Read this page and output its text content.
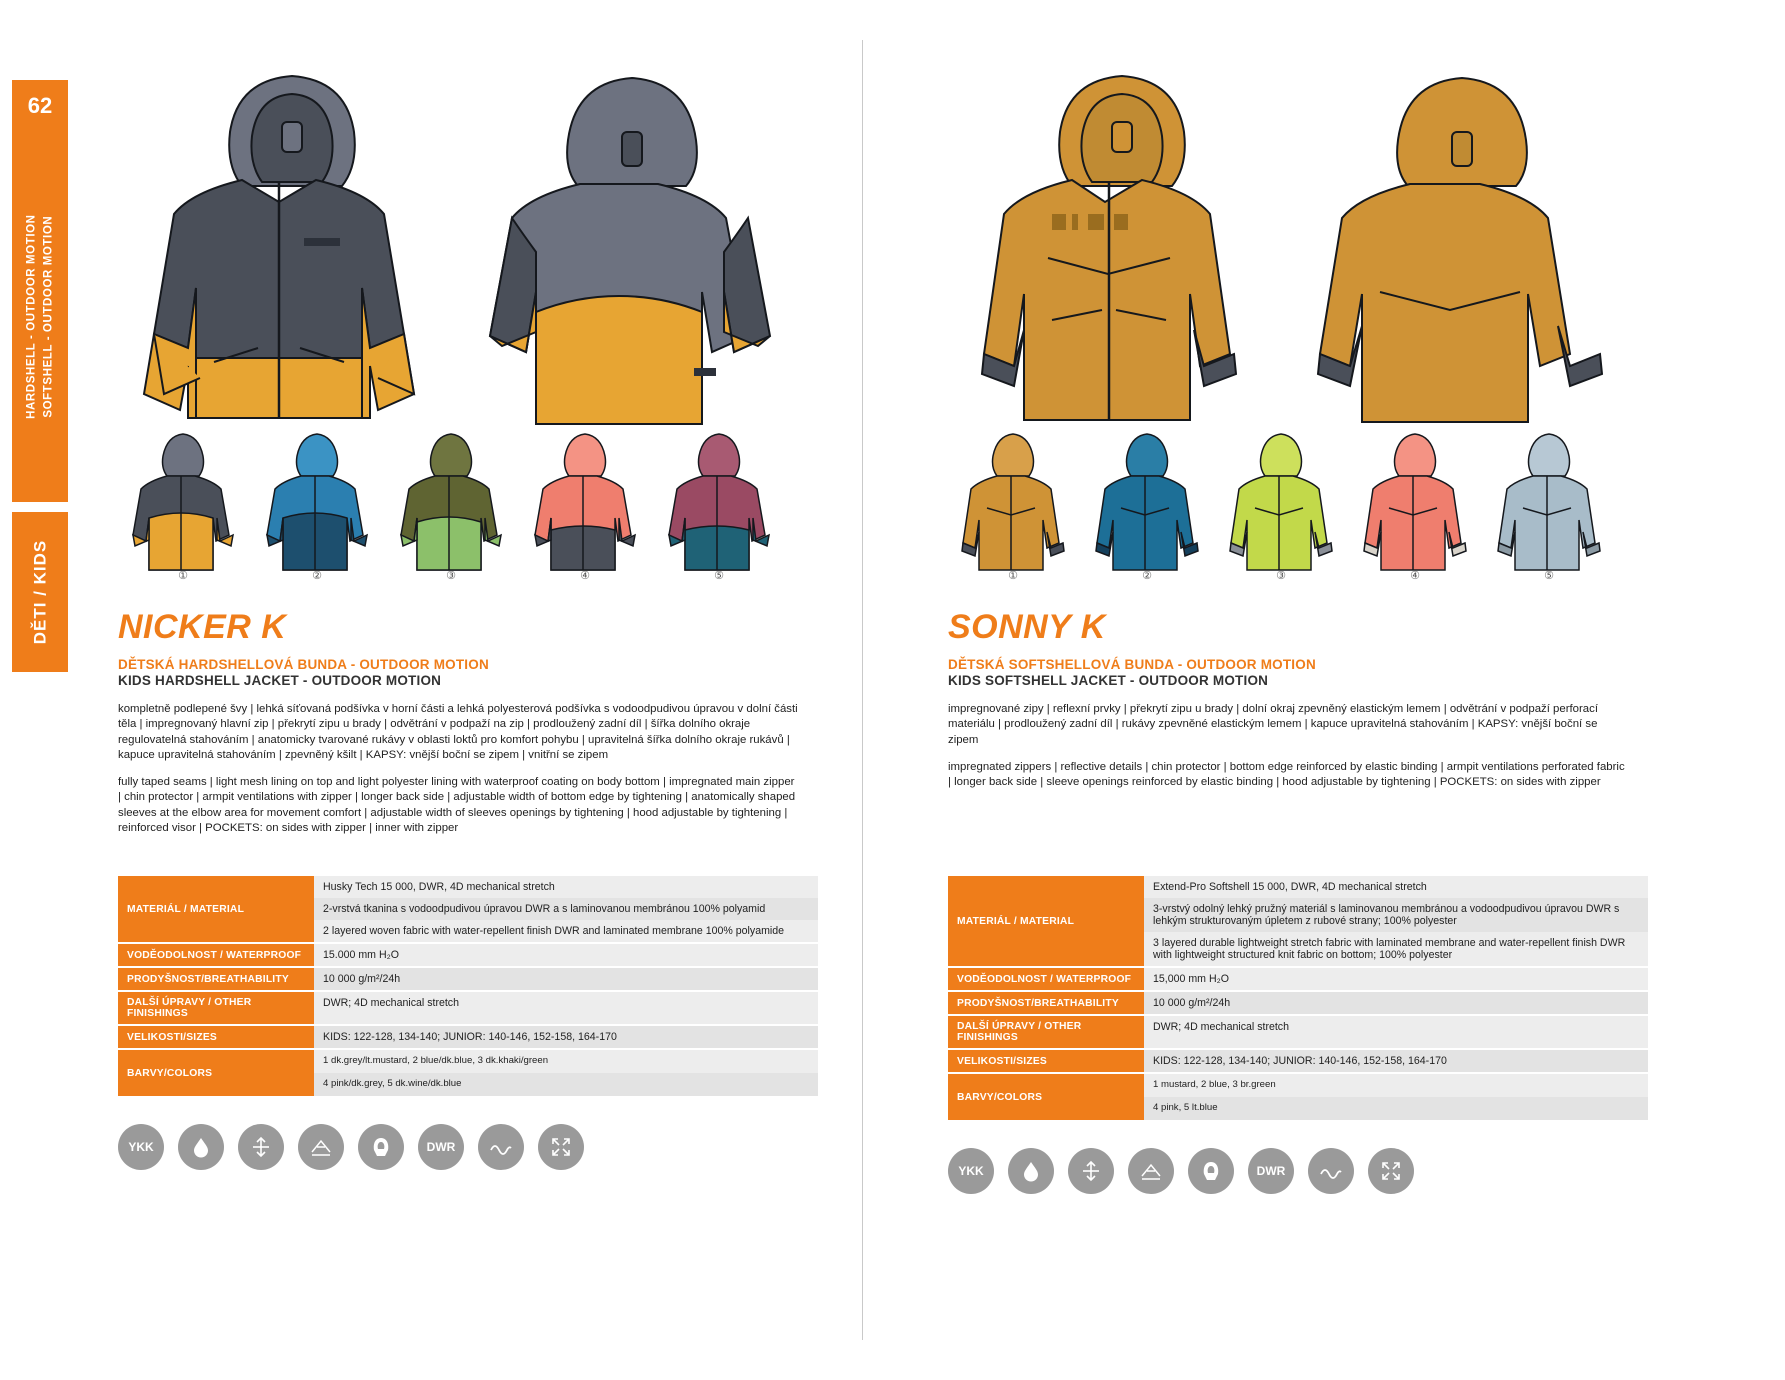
62
HARDSHELL - OUTDOOR MOTION SOFTSHELL - OUTDOOR MOTION
DĚTI / KIDS	①	②	③	④	⑤
NICKER K
DĚTSKÁ HARDSHELLOVÁ BUNDA - OUTDOOR MOTION
KIDS HARDSHELL JACKET - OUTDOOR MOTION
kompletně podlepené švy | lehká síťovaná podšívka v horní části a lehká polyesterová podšívka s vodoodpudivou úpravou v dolní části těla | impregnovaný hlavní zip | překrytí zipu u brady | odvětrání v podpaží na zip | prodloužený zadní díl | šířka dolního okraje regulovatelná stahováním | anatomicky tvarované rukávy v oblasti loktů pro komfort pohybu | upravitelná šířka dolního okraje rukávů | kapuce upravitelná stahováním | zpevněný kšilt | KAPSY: vnější boční se zipem | vnitřní se zipem
fully taped seams | light mesh lining on top and light polyester lining with waterproof coating on body bottom | impregnated main zipper | chin protector | armpit ventilations with zipper | longer back side | adjustable width of bottom edge by tightening | anatomically shaped sleeves at the elbow area for movement comfort | adjustable width of sleeves openings by tightening | hood adjustable by tightening | reinforced visor | POCKETS: on sides with zipper | inner with zipper
MATERIÁL / MATERIAL	Husky Tech 15 000, DWR, 4D mechanical stretch
	2-vrstvá tkanina s vodoodpudivou úpravou DWR a s laminovanou membránou 100% polyamid
	2 layered woven fabric with water-repellent finish DWR and laminated membrane 100% polyamide

VODĚODOLNOST / WATERPROOF	15.000 mm H₂O

PRODYŠNOST/BREATHABILITY	10 000 g/m²/24h

DALŠÍ ÚPRAVY / OTHER FINISHINGS	DWR; 4D mechanical stretch

VELIKOSTI/SIZES	KIDS: 122-128, 134-140; JUNIOR: 140-146, 152-158, 164-170

BARVY/COLORS	1 dk.grey/lt.mustard, 2 blue/dk.blue, 3 dk.khaki/green
	4 pink/dk.grey, 5 dk.wine/dk.blue
YKK	DWR
①	②	③	④	⑤
SONNY K
DĚTSKÁ SOFTSHELLOVÁ BUNDA - OUTDOOR MOTION
KIDS SOFTSHELL JACKET - OUTDOOR MOTION
impregnované zipy | reflexní prvky | překrytí zipu u brady | dolní okraj zpevněný elastickým lemem | odvětrání v podpaží perforací materiálu | prodloužený zadní díl | rukávy zpevněné elastickým lemem | kapuce upravitelná stahováním | KAPSY: vnější boční se zipem
impregnated zippers | reflective details | chin protector | bottom edge reinforced by elastic binding | armpit ventilations perforated fabric | longer back side | sleeve openings reinforced by elastic binding | hood adjustable by tightening | POCKETS: on sides with zipper
MATERIÁL / MATERIAL	Extend-Pro Softshell 15 000, DWR, 4D mechanical stretch
	3-vrstvý odolný lehký pružný materiál s laminovanou membránou a vodoodpudivou úpravou DWR s lehkým strukturovaným úpletem z rubové strany; 100% polyester
	3 layered durable lightweight stretch fabric with laminated membrane and water-repellent finish DWR with lightweight structured knit fabric on bottom; 100% polyester

VODĚODOLNOST / WATERPROOF	15,000 mm H₂O

PRODYŠNOST/BREATHABILITY	10 000 g/m²/24h

DALŠÍ ÚPRAVY / OTHER FINISHINGS	DWR; 4D mechanical stretch

VELIKOSTI/SIZES	KIDS: 122-128, 134-140; JUNIOR: 140-146, 152-158, 164-170

BARVY/COLORS	1 mustard, 2 blue, 3 br.green
	4 pink, 5 lt.blue
YKK	DWR
